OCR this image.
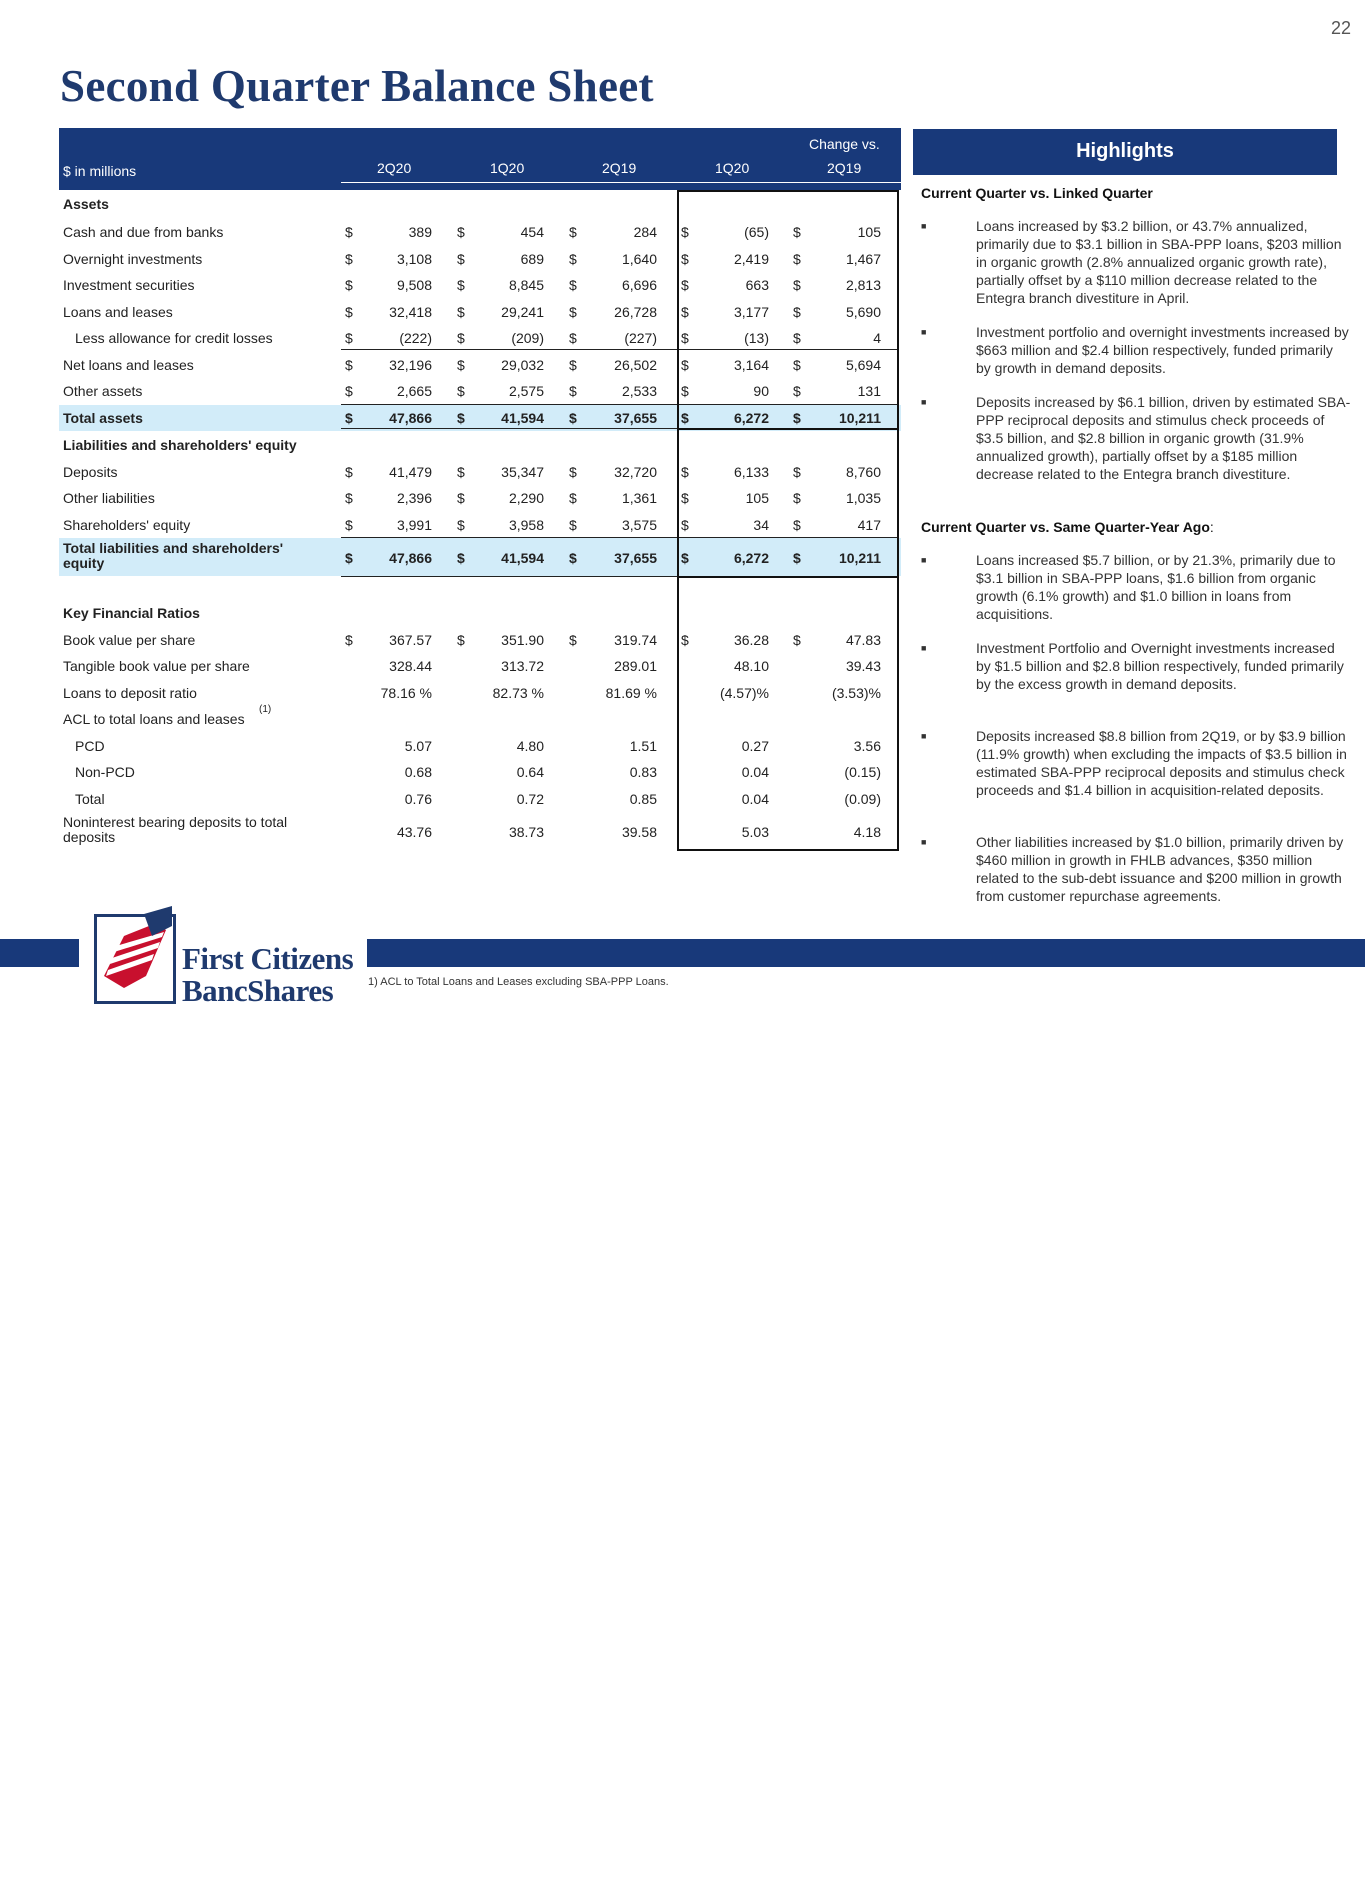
22
Second Quarter Balance Sheet
$ in millions
Change vs.
2Q20	1Q20	2Q19	1Q20	2Q19
Assets
Cash and due from banks	$	389 $	454 $	284 $	(65) $	105
Overnight investments	$	3,108 $	689 $	1,640 $	2,419 $	1,467
Investment securities	$	9,508 $	8,845 $	6,696 $	663 $	2,813
Loans and leases	$	32,418 $	29,241 $	26,728 $	3,177 $	5,690
Less allowance for credit losses	$	(222) $	(209) $	(227) $	(13) $	4
Net loans and leases	$	32,196 $	29,032 $	26,502 $	3,164 $	5,694
Other assets	$	2,665 $	2,575 $	2,533 $	90 $	131
Total assets	$	47,866 $	41,594 $	37,655 $	6,272 $	10,211
Liabilities and shareholders' equity
Deposits	$	41,479 $	35,347 $	32,720 $	6,133 $	8,760
Other liabilities	$	2,396 $	2,290 $	1,361 $	105 $	1,035
Shareholders' equity	$	3,991 $	3,958 $	3,575 $	34 $	417
Total liabilities and shareholders' equity	$	47,866 $	41,594 $	37,655 $	6,272 $	10,211
Key Financial Ratios
Book value per share	$	367.57 $	351.90 $	319.74 $	36.28 $	47.83
Tangible book value per share	328.44	313.72	289.01	48.10	39.43
Loans to deposit ratio	78.16 %	82.73 %	81.69 %	(4.57)%	(3.53)%
ACL to total loans and leases
(1)
PCD	5.07	4.80	1.51	0.27	3.56
Non-PCD	0.68	0.64	0.83	0.04	(0.15)
Total	0.76	0.72	0.85	0.04	(0.09)
Noninterest bearing deposits to total deposits	43.76	38.73	39.58	5.03	4.18
Highlights
Current Quarter vs. Linked Quarter
■	Loans increased by $3.2 billion, or 43.7% annualized, primarily due to $3.1 billion in SBA-PPP loans, $203 million in organic growth (2.8% annualized organic growth rate), partially offset by a $110 million decrease related to the Entegra branch divestiture in April.
■	Investment portfolio and overnight investments increased by $663 million and $2.4 billion respectively, funded primarily by growth in demand deposits.
■	Deposits increased by $6.1 billion, driven by estimated SBA-PPP reciprocal deposits and stimulus check proceeds of $3.5 billion, and $2.8 billion in organic growth (31.9% annualized growth), partially offset by a $185 million decrease related to the Entegra branch divestiture.
Current Quarter vs. Same Quarter-Year Ago:
■	Loans increased $5.7 billion, or by 21.3%, primarily due to $3.1 billion in SBA-PPP loans, $1.6 billion from organic growth (6.1% growth) and $1.0 billion in loans from acquisitions.
■	Investment Portfolio and Overnight investments increased by $1.5 billion and $2.8 billion respectively, funded primarily by the excess growth in demand deposits.
■	Deposits increased $8.8 billion from 2Q19, or by $3.9 billion (11.9% growth) when excluding the impacts of $3.5 billion in estimated SBA-PPP reciprocal deposits and stimulus check proceeds and $1.4 billion in acquisition-related deposits.
■	Other liabilities increased by $1.0 billion, primarily driven by $460 million in growth in FHLB advances, $350 million related to the sub-debt issuance and $200 million in growth from customer repurchase agreements.
forever first
1) ACL to Total Loans and Leases excluding SBA-PPP Loans.
First Citizens
BancShares
